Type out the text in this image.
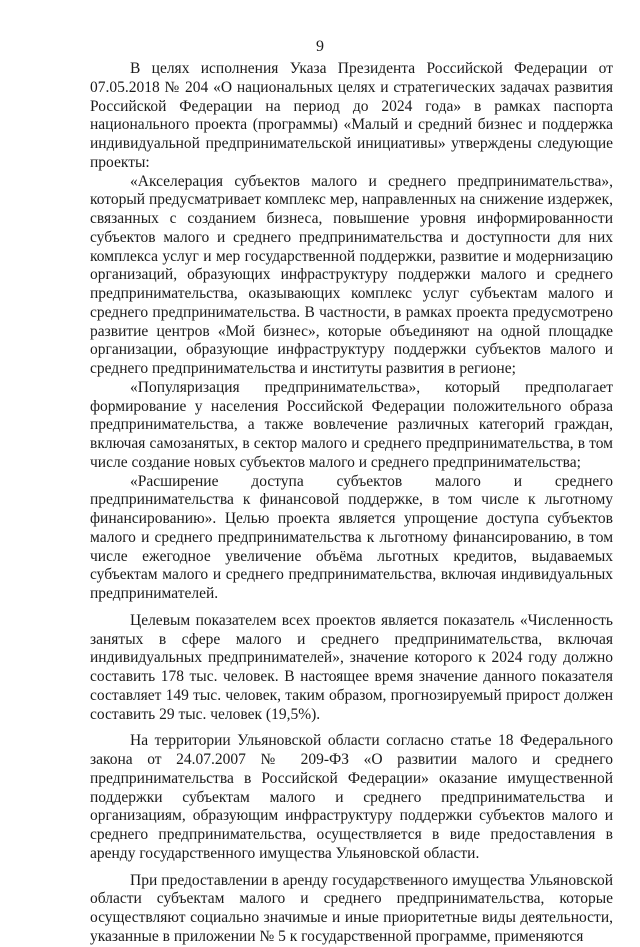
9

В целях исполнения Указа Президента Российской Федерации от 07.05.2018 № 204 «О национальных целях и стратегических задачах развития Российской Федерации на период до 2024 года» в рамках паспорта национального проекта (программы) «Малый и средний бизнес и поддержка индивидуальной предпринимательской инициативы» утверждены следующие проекты:

«Акселерация субъектов малого и среднего предпринимательства», который предусматривает комплекс мер, направленных на снижение издержек, связанных с созданием бизнеса, повышение уровня информированности субъектов малого и среднего предпринимательства и доступности для них комплекса услуг и мер государственной поддержки, развитие и модернизацию организаций, образующих инфраструктуру поддержки малого и среднего предпринимательства, оказывающих комплекс услуг субъектам малого и среднего предпринимательства. В частности, в рамках проекта предусмотрено развитие центров «Мой бизнес», которые объединяют на одной площадке организации, образующие инфраструктуру поддержки субъектов малого и среднего предпринимательства и институты развития в регионе;

«Популяризация предпринимательства», который предполагает формирование у населения Российской Федерации положительного образа предпринимательства, а также вовлечение различных категорий граждан, включая самозанятых, в сектор малого и среднего предпринимательства, в том числе создание новых субъектов малого и среднего предпринимательства;

«Расширение доступа субъектов малого и среднего предпринимательства к финансовой поддержке, в том числе к льготному финансированию». Целью проекта является упрощение доступа субъектов малого и среднего предпринимательства к льготному финансированию, в том числе ежегодное увеличение объёма льготных кредитов, выдаваемых субъектам малого и среднего предпринимательства, включая индивидуальных предпринимателей.

Целевым показателем всех проектов является показатель «Численность занятых в сфере малого и среднего предпринимательства, включая индивидуальных предпринимателей», значение которого к 2024 году должно составить 178 тыс. человек. В настоящее время значение данного показателя составляет 149 тыс. человек, таким образом, прогнозируемый прирост должен составить 29 тыс. человек (19,5%).

На территории Ульяновской области согласно статье 18 Федерального закона от 24.07.2007 № 209-ФЗ «О развитии малого и среднего предпринимательства в Российской Федерации» оказание имущественной поддержки субъектам малого и среднего предпринимательства и организациям, образующим инфраструктуру поддержки субъектов малого и среднего предпринимательства, осуществляется в виде предоставления в аренду государственного имущества Ульяновской области.

При предоставлении в аренду государственного имущества Ульяновской области субъектам малого и среднего предпринимательства, которые осуществляют социально значимые и иные приоритетные виды деятельности, указанные в приложении № 5 к государственной программе, применяются
